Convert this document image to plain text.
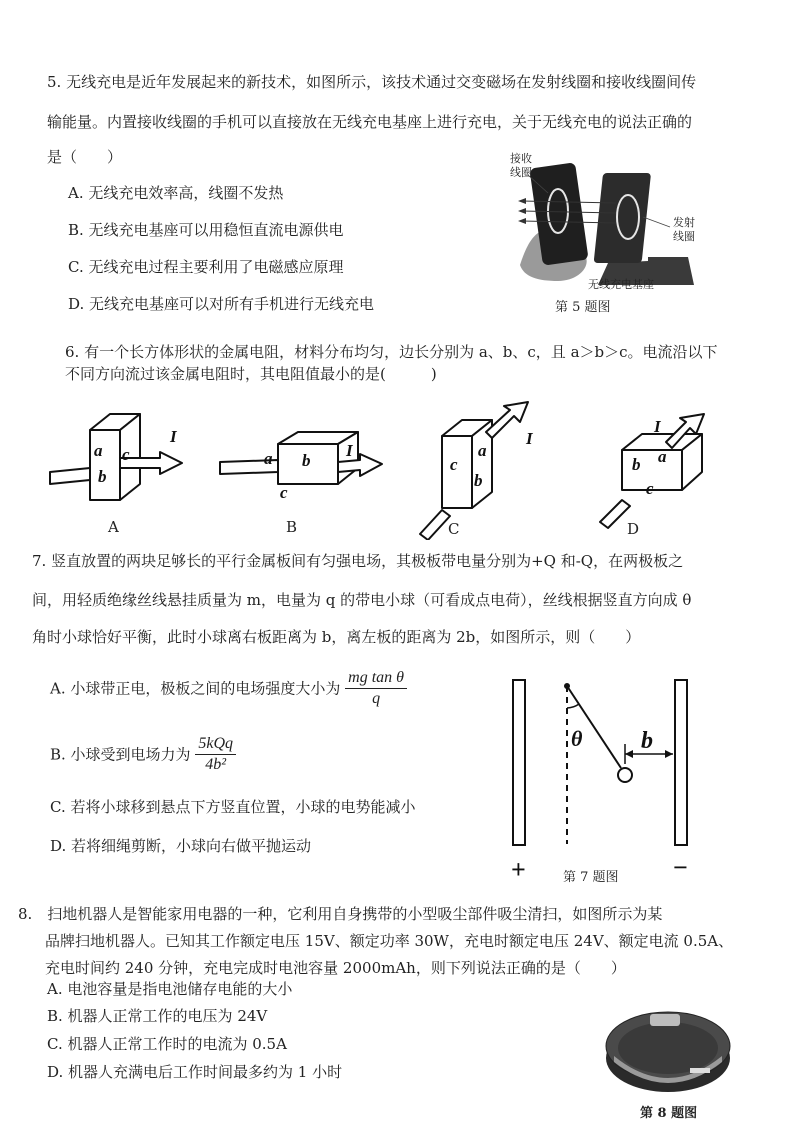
5. 无线充电是近年发展起来的新技术，如图所示，该技术通过交变磁场在发射线圈和接收线圈间传
输能量。内置接收线圈的手机可以直接放在无线充电基座上进行充电，关于无线充电的说法正确的
是（　　）
A. 无线充电效率高，线圈不发热
B. 无线充电基座可以用稳恒直流电源供电
C. 无线充电过程主要利用了电磁感应原理
D. 无线充电基座可以对所有手机进行无线充电
接收
线圈
发射
线圈
无线充电基座
第 5 题图
6. 有一个长方体形状的金属电阻，材料分布均匀，边长分别为 a、b、c，且 a＞b＞c。电流沿以下
不同方向流过该金属电阻时，其电阻值最小的是(　　　)
a
b
c
I
a b
c
I
c
a
b
I
b a
c
I
A	B	C	D
7. 竖直放置的两块足够长的平行金属板间有匀强电场，其极板带电量分别为+Q 和-Q，在两极板之
间，用轻质绝缘丝线悬挂质量为 m，电量为 q 的带电小球（可看成点电荷），丝线根据竖直方向成 θ
角时小球恰好平衡，此时小球离右板距离为 b，离左板的距离为 2b，如图所示，则（　　）
A. 小球带正电，极板之间的电场强度大小为 $\frac{\text{mg tan θ}}{q}$
B. 小球受到电场力为 $\frac{\text{5kQq}}{\text{4b²}}$
C. 若将小球移到悬点下方竖直位置，小球的电势能减小
D. 若将细绳剪断，小球向右做平抛运动
θ b
+	−
第 7 题图
8.　扫地机器人是智能家用电器的一种，它利用自身携带的小型吸尘部件吸尘清扫，如图所示为某
品牌扫地机器人。已知其工作额定电压 15V、额定功率 30W，充电时额定电压 24V、额定电流 0.5A、
充电时间约 240 分钟，充电完成时电池容量 2000mAh，则下列说法正确的是（　　）
A. 电池容量是指电池储存电能的大小
B. 机器人正常工作的电压为 24V
C. 机器人正常工作时的电流为 0.5A
D. 机器人充满电后工作时间最多约为 1 小时
第 8 题图
